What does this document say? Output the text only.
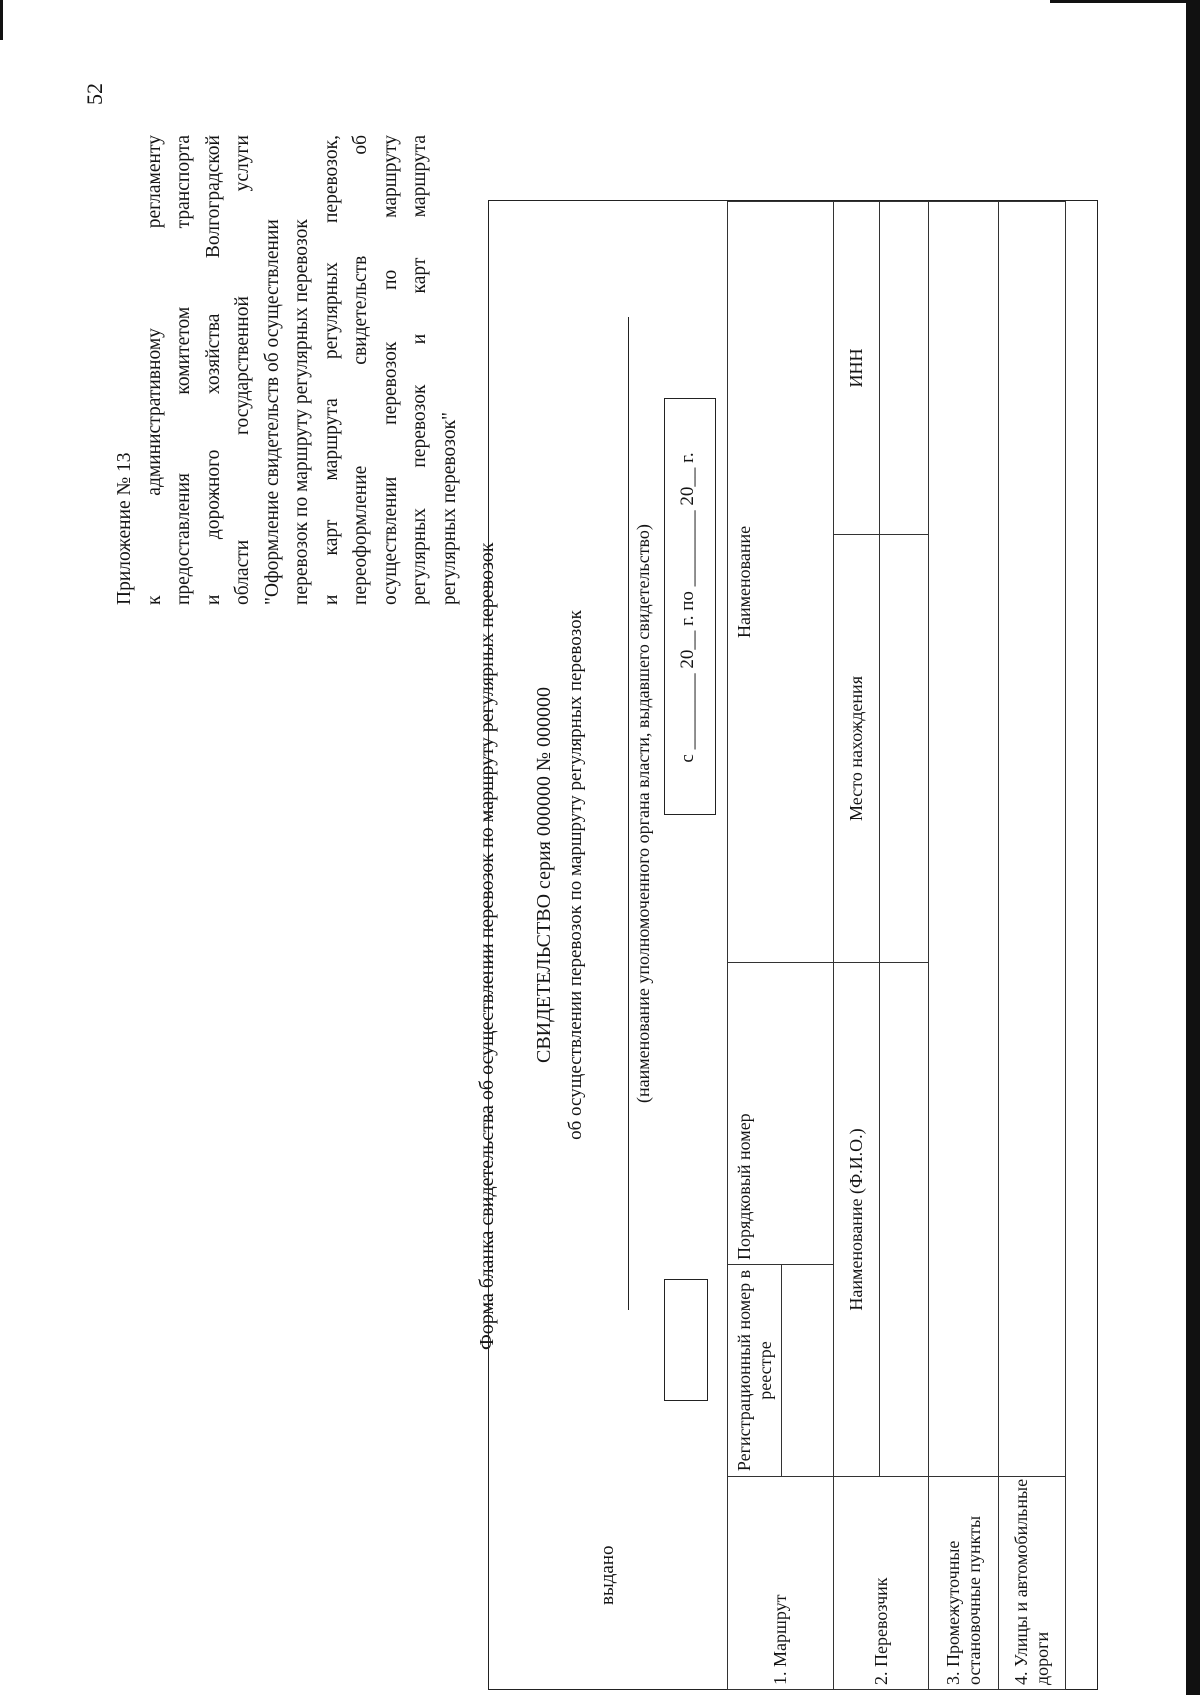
52
Приложение № 13 к административному регламенту предоставления комитетом транспорта и дорожного хозяйства Волгоградской области государственной услуги "Оформление свидетельств об осуществлении перевозок по маршруту регулярных перевозок и карт маршрута регулярных перевозок, переоформление свидетельств об осуществлении перевозок по маршруту регулярных перевозок и карт маршрута регулярных перевозок"
Форма бланка свидетельства об осуществлении перевозок по маршруту регулярных перевозок СВИДЕТЕЛЬСТВО серия 000000 № 000000 об осуществлении перевозок по маршруту регулярных перевозок
выдано
(наименование уполномоченного органа власти, выдавшего свидетельство) с ________ 20__ г. по ________ 20__ г.
1. Маршрут	Регистрационный номер в реестре	Порядковый номер	Наименование	

2. Перевозчик	Наименование (Ф.И.О.)		Место нахождения	ИНН

3. Промежуточные остановочные пункты				
4. Улицы и автомобильные дороги				
